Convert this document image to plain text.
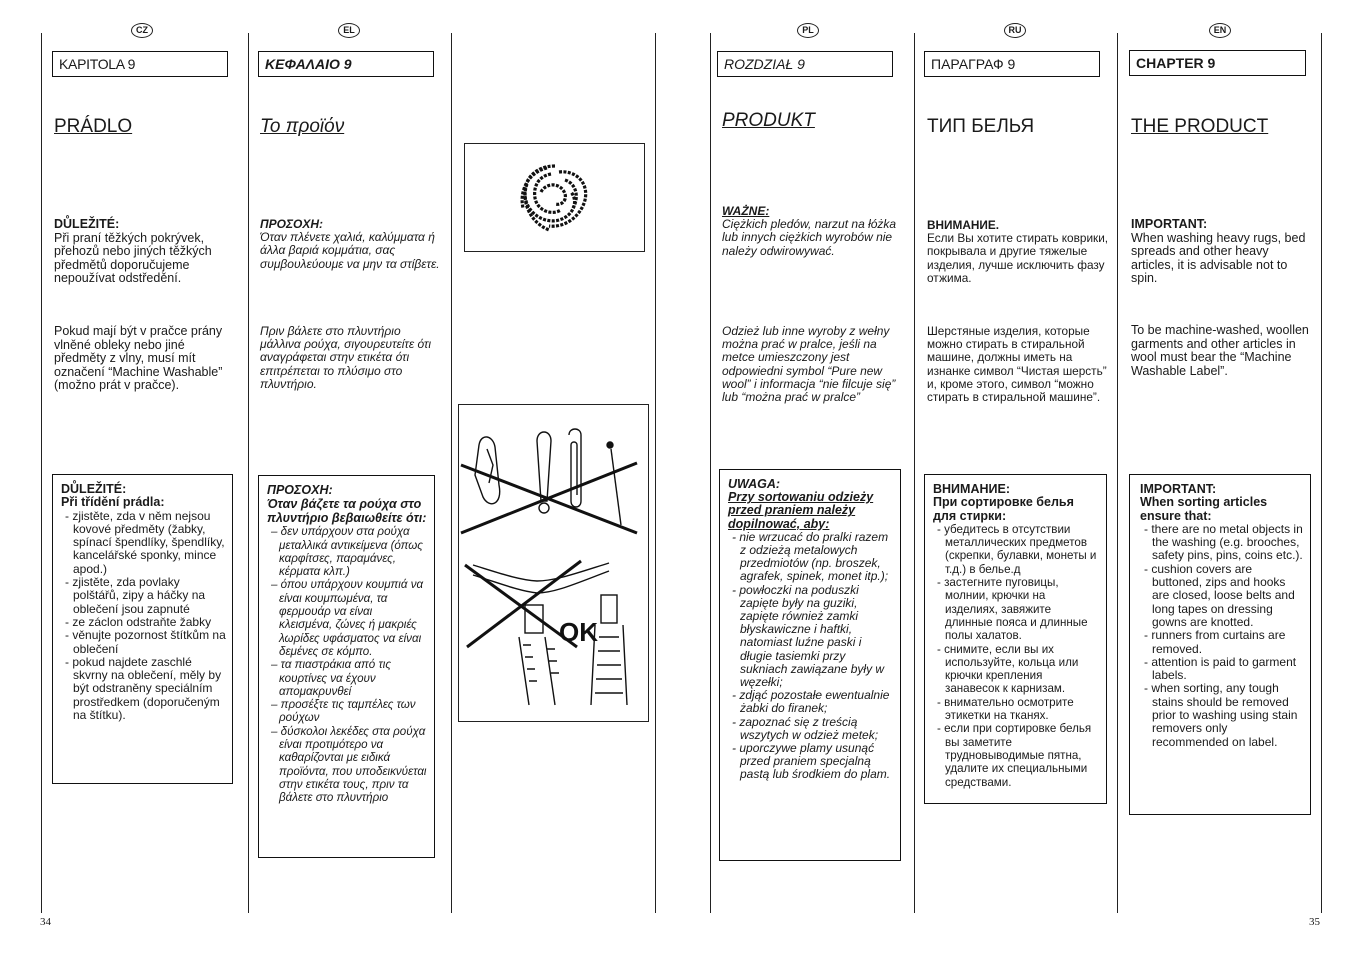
CZ	EL	PL	RU	EN
KAPITOLA 9
PRÁDLO
DŮLEŽITÉ:
Při praní těžkých pokrývek, přehozů nebo jiných těžkých předmětů doporučujeme nepoužívat odstředění.
Pokud mají být v pračce prány vlněné obleky nebo jiné předměty z vlny, musí mít označení “Machine Washable” (možno prát v pračce).
DŮLEŽITÉ:
Při třídění prádla:
- zjistěte, zda v něm nejsou kovové předměty (žabky, spínací špendlíky, špendlíky, kancelářské sponky, mince apod.)
- zjistěte, zda povlaky polštářů, zipy a háčky na oblečení jsou zapnuté
- ze záclon odstraňte žabky
- věnujte pozornost štítkům na oblečení
- pokud najdete zaschlé skvrny na oblečení, měly by být odstraněny speciálním prostředkem (doporučeným na štítku).
ΚΕΦΑΛΑΙΟ 9
Το προϊόν
ΠΡΟΣΟΧΗ:
Όταν πλένετε χαλιά, καλύμματα ή άλλα βαριά κομμάτια, σας συμβουλεύουμε να μην τα στίβετε.
Πριν βάλετε στο πλυντήριο μάλλινα ρούχα, σιγουρευτείτε ότι αναγράφεται στην ετικέτα ότι επιτρέπεται το πλύσιμο στο πλυντήριο.
ΠΡΟΣΟΧΗ:
Όταν βάζετε τα ρούχα στο πλυντήριο βεβαιωθείτε ότι:
– δεν υπάρχουν στα ρούχα μεταλλικά αντικείμενα (όπως καρφίτσες, παραμάνες, κέρματα κλπ.)
– όπου υπάρχουν κουμπιά να είναι κουμπωμένα, τα φερμουάρ να είναι κλεισμένα, ζώνες ή μακριές λωρίδες υφάσματος να είναι δεμένες σε κόμπο.
– τα πιαστράκια από τις κουρτίνες να έχουν απομακρυνθεί
– προσέξτε τις ταμπέλες των ρούχων
– δύσκολοι λεκέδες στα ρούχα είναι προτιμότερο να καθαρίζονται με ειδικά προϊόντα, που υποδεικνύεται στην ετικέτα τους, πριν τα βάλετε στο πλυντήριο
OK
ROZDZIAŁ 9
PRODUKT
WAŻNE:
Ciężkich pledów, narzut na łóżka lub innych ciężkich wyrobów nie należy odwirowywać.
Odzież lub inne wyroby z wełny można prać w pralce, jeśli na metce umieszczony jest odpowiedni symbol “Pure new wool” i informacja “nie filcuje się” lub “można prać w pralce”
UWAGA:
Przy sortowaniu odzieży przed praniem należy dopilnować, aby:
- nie wrzucać do pralki razem z odzieżą metalowych przedmiotów (np. broszek, agrafek, spinek, monet itp.);
- powłoczki na poduszki zapięte były na guziki, zapięte również zamki błyskawiczne i haftki, natomiast luźne paski i długie tasiemki przy sukniach zawiązane były w węzełki;
- zdjąć pozostałe ewentualnie żabki do firanek;
- zapoznać się z treścią wszytych w odzież metek;
- uporczywe plamy usunąć przed praniem specjalną pastą lub środkiem do plam.
ПАРАГРАФ 9
ТИП БЕЛЬЯ
ВНИМАНИЕ.
Если Вы хотите стирать коврики, покрывала и другие тяжелые изделия, лучше исключить фазу отжима.
Шерстяные изделия, которые можно стирать в стиральной машине, должны иметь на изнанке символ “Чистая шерсть” и, кроме этого, символ “можно стирать в стиральной машине”.
ВНИМАНИЕ:
При сортировке белья для стирки:
- убедитесь в отсутствии металлических предметов (скрепки, булавки, монеты и т.д.) в белье.д
- застегните пуговицы, молнии, крючки на изделиях, завяжите длинные пояса и длинные полы халатов.
- снимите, если вы их используйте, кольца или крючки крепления занавесок к карнизам.
- внимательно осмотрите этикетки на тканях.
- если при сортировке белья вы заметите трудновыводимые пятна, удалите их специальными средствами.
CHAPTER 9
THE PRODUCT
IMPORTANT:
When washing heavy rugs, bed spreads and other heavy articles, it is advisable not to spin.
To be machine-washed, woollen garments and other articles in wool must bear the “Machine Washable Label”.
IMPORTANT:
When sorting articles ensure that:
- there are no metal objects in the washing (e.g. brooches, safety pins, pins, coins etc.).
- cushion covers are buttoned, zips and hooks are closed, loose belts and long tapes on dressing gowns are knotted.
- runners from curtains are removed.
- attention is paid to garment labels.
- when sorting, any tough stains should be removed prior to washing using stain removers only recommended on label.
34	35
